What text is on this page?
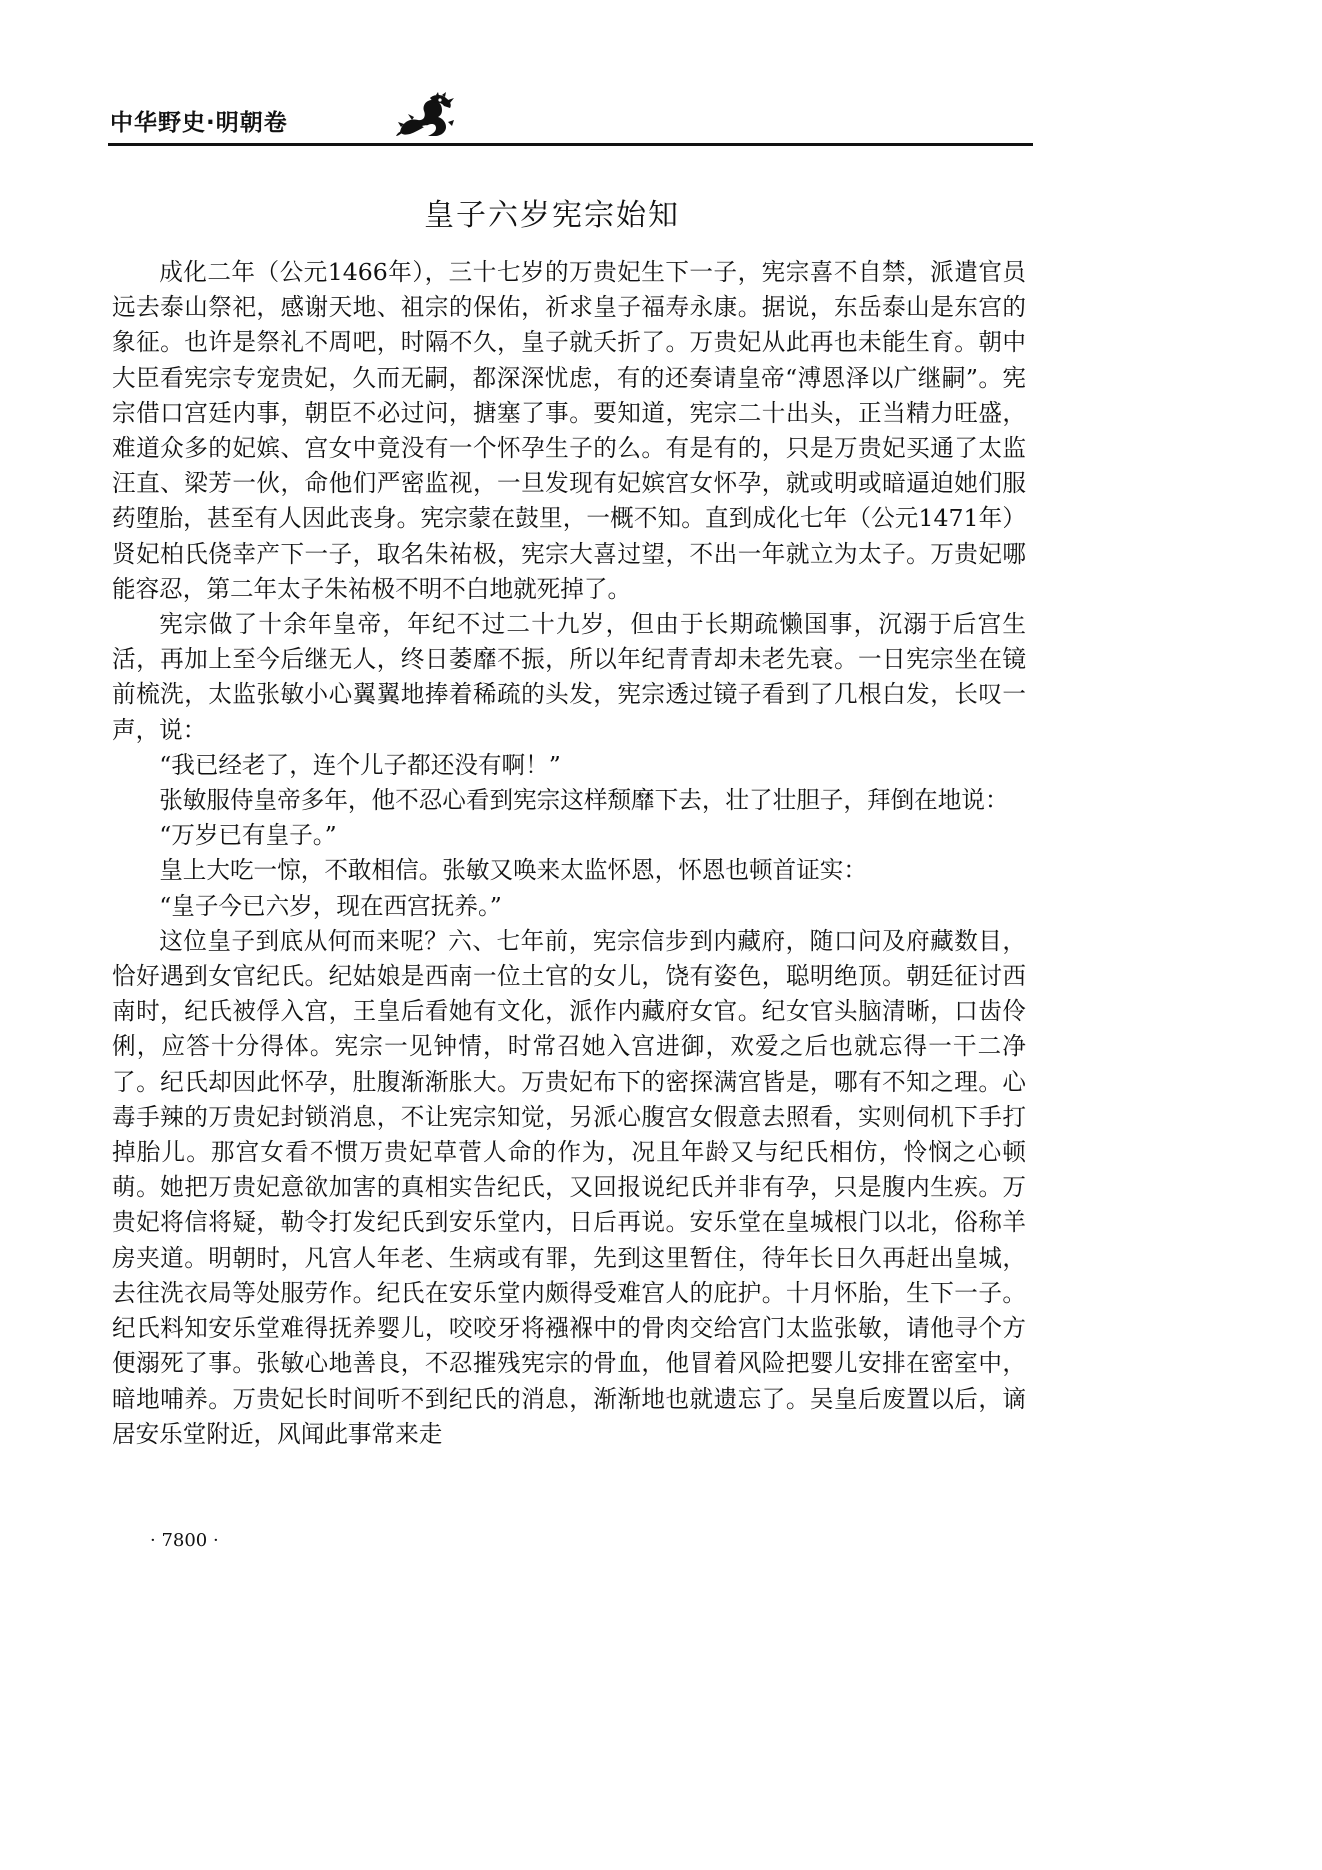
中华野史·明朝卷
皇子六岁宪宗始知

成化二年（公元1466年），三十七岁的万贵妃生下一子，宪宗喜不自禁，派遣官员远去泰山祭祀，感谢天地、祖宗的保佑，祈求皇子福寿永康。据说，东岳泰山是东宫的象征。也许是祭礼不周吧，时隔不久，皇子就夭折了。万贵妃从此再也未能生育。朝中大臣看宪宗专宠贵妃，久而无嗣，都深深忧虑，有的还奏请皇帝“溥恩泽以广继嗣”。宪宗借口宫廷内事，朝臣不必过问，搪塞了事。要知道，宪宗二十出头，正当精力旺盛，难道众多的妃嫔、宫女中竟没有一个怀孕生子的么。有是有的，只是万贵妃买通了太监汪直、梁芳一伙，命他们严密监视，一旦发现有妃嫔宫女怀孕，就或明或暗逼迫她们服药堕胎，甚至有人因此丧身。宪宗蒙在鼓里，一概不知。直到成化七年（公元1471年）贤妃柏氏侥幸产下一子，取名朱祐极，宪宗大喜过望，不出一年就立为太子。万贵妃哪能容忍，第二年太子朱祐极不明不白地就死掉了。

宪宗做了十余年皇帝，年纪不过二十九岁，但由于长期疏懒国事，沉溺于后宫生活，再加上至今后继无人，终日萎靡不振，所以年纪青青却未老先衰。一日宪宗坐在镜前梳洗，太监张敏小心翼翼地捧着稀疏的头发，宪宗透过镜子看到了几根白发，长叹一声，说：

“我已经老了，连个儿子都还没有啊！”

张敏服侍皇帝多年，他不忍心看到宪宗这样颓靡下去，壮了壮胆子，拜倒在地说：

“万岁已有皇子。”

皇上大吃一惊，不敢相信。张敏又唤来太监怀恩，怀恩也顿首证实：

“皇子今已六岁，现在西宫抚养。”

这位皇子到底从何而来呢？六、七年前，宪宗信步到内藏府，随口问及府藏数目，恰好遇到女官纪氏。纪姑娘是西南一位土官的女儿，饶有姿色，聪明绝顶。朝廷征讨西南时，纪氏被俘入宫，王皇后看她有文化，派作内藏府女官。纪女官头脑清晰，口齿伶俐，应答十分得体。宪宗一见钟情，时常召她入宫进御，欢爱之后也就忘得一干二净了。纪氏却因此怀孕，肚腹渐渐胀大。万贵妃布下的密探满宫皆是，哪有不知之理。心毒手辣的万贵妃封锁消息，不让宪宗知觉，另派心腹宫女假意去照看，实则伺机下手打掉胎儿。那宫女看不惯万贵妃草菅人命的作为，况且年龄又与纪氏相仿，怜悯之心顿萌。她把万贵妃意欲加害的真相实告纪氏，又回报说纪氏并非有孕，只是腹内生疾。万贵妃将信将疑，勒令打发纪氏到安乐堂内，日后再说。安乐堂在皇城根门以北，俗称羊房夹道。明朝时，凡宫人年老、生病或有罪，先到这里暂住，待年长日久再赶出皇城，去往洗衣局等处服劳作。纪氏在安乐堂内颇得受难宫人的庇护。十月怀胎，生下一子。纪氏料知安乐堂难得抚养婴儿，咬咬牙将襁褓中的骨肉交给宫门太监张敏，请他寻个方便溺死了事。张敏心地善良，不忍摧残宪宗的骨血，他冒着风险把婴儿安排在密室中，暗地哺养。万贵妃长时间听不到纪氏的消息，渐渐地也就遗忘了。吴皇后废置以后，谪居安乐堂附近，风闻此事常来走

· 7800 ·
